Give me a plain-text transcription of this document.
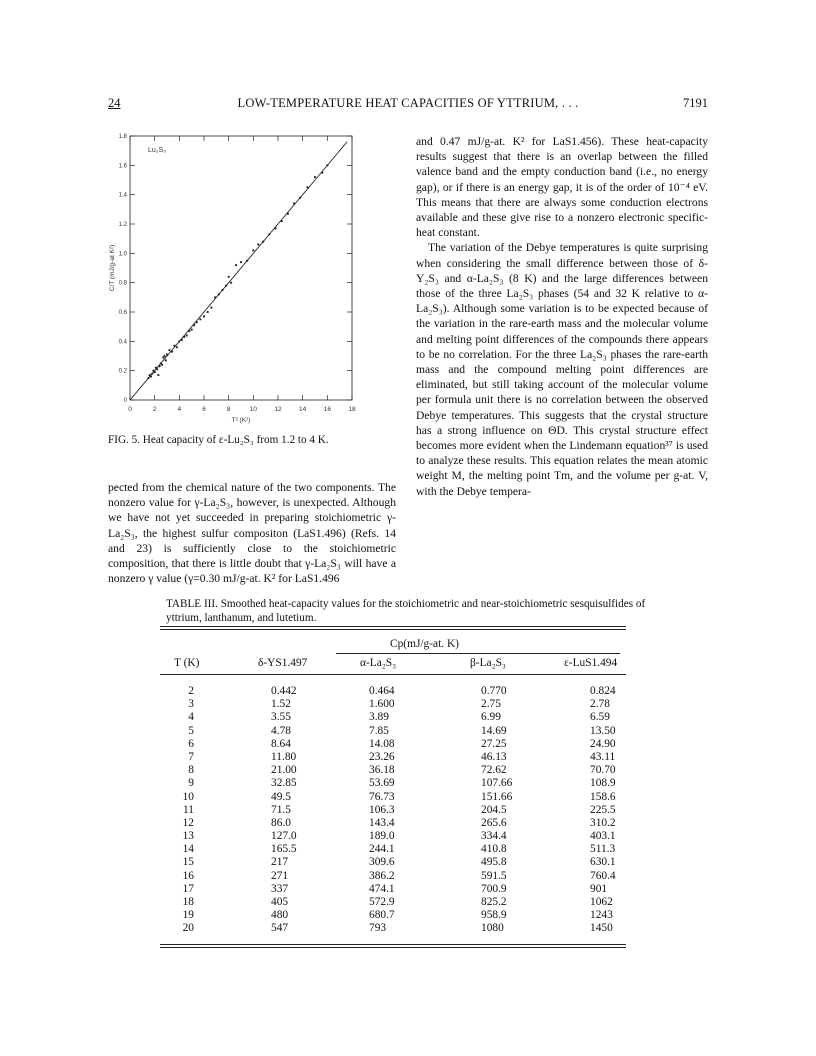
24	LOW-TEMPERATURE HEAT CAPACITIES OF YTTRIUM, . . .	7191
0	2	4	6	8	10	12	14	16	18
0
0.2
0.4
0.6
0.8
1.0
1.2
1.4
1.6
1.8
T² (K²)
C/T (mJ/g-at K²)
Lu₂S₃
FIG. 5. Heat capacity of ε-Lu₂S₃ from 1.2 to 4 K.

pected from the chemical nature of the two components. The nonzero value for γ-La₂S₃, however, is unexpected. Although we have not yet succeeded in preparing stoichiometric γ-La₂S₃, the highest sulfur compositon (LaS1.496) (Refs. 14 and 23) is sufficiently close to the stoichiometric composition, that there is little doubt that γ-La₂S₃ will have a nonzero γ value (γ=0.30 mJ/g-at. K² for LaS1.496

and 0.47 mJ/g-at. K² for LaS1.456). These heat-capacity results suggest that there is an overlap between the filled valence band and the empty conduction band (i.e., no energy gap), or if there is an energy gap, it is of the order of 10⁻⁴ eV. This means that there are always some conduction electrons available and these give rise to a nonzero electronic specific-heat constant.

The variation of the Debye temperatures is quite surprising when considering the small difference between those of δ-Y₂S₃ and α-La₂S₃ (8 K) and the large differences between those of the three La₂S₃ phases (54 and 32 K relative to α-La₂S₃). Although some variation is to be expected because of the variation in the rare-earth mass and the molecular volume and melting point differences of the compounds there appears to be no correlation. For the three La₂S₃ phases the rare-earth mass and the compound melting point differences are eliminated, but still taking account of the molecular volume per formula unit there is no correlation between the observed Debye temperatures. This suggests that the crystal structure has a strong influence on ΘD. This crystal structure effect becomes more evident when the Lindemann equation³⁷ is used to analyze these results. This equation relates the mean atomic weight M, the melting point Tm, and the volume per g-at. V, with the Debye tempera-

TABLE III. Smoothed heat-capacity values for the stoichiometric and near-stoichiometric sesquisulfides of yttrium, lanthanum, and lutetium.
Cp(mJ/g-at. K)
T (K)	δ-YS1.497	α-La₂S₃	β-La₂S₃	ε-LuS1.494
2	0.442	0.464	0.770	0.824
3	1.52	1.600	2.75	2.78
4	3.55	3.89	6.99	6.59
5	4.78	7.85	14.69	13.50
6	8.64	14.08	27.25	24.90
7	11.80	23.26	46.13	43.11
8	21.00	36.18	72.62	70.70
9	32.85	53.69	107.66	108.9
10	49.5	76.73	151.66	158.6
11	71.5	106.3	204.5	225.5
12	86.0	143.4	265.6	310.2
13	127.0	189.0	334.4	403.1
14	165.5	244.1	410.8	511.3
15	217	309.6	495.8	630.1
16	271	386.2	591.5	760.4
17	337	474.1	700.9	901
18	405	572.9	825.2	1062
19	480	680.7	958.9	1243
20	547	793	1080	1450
